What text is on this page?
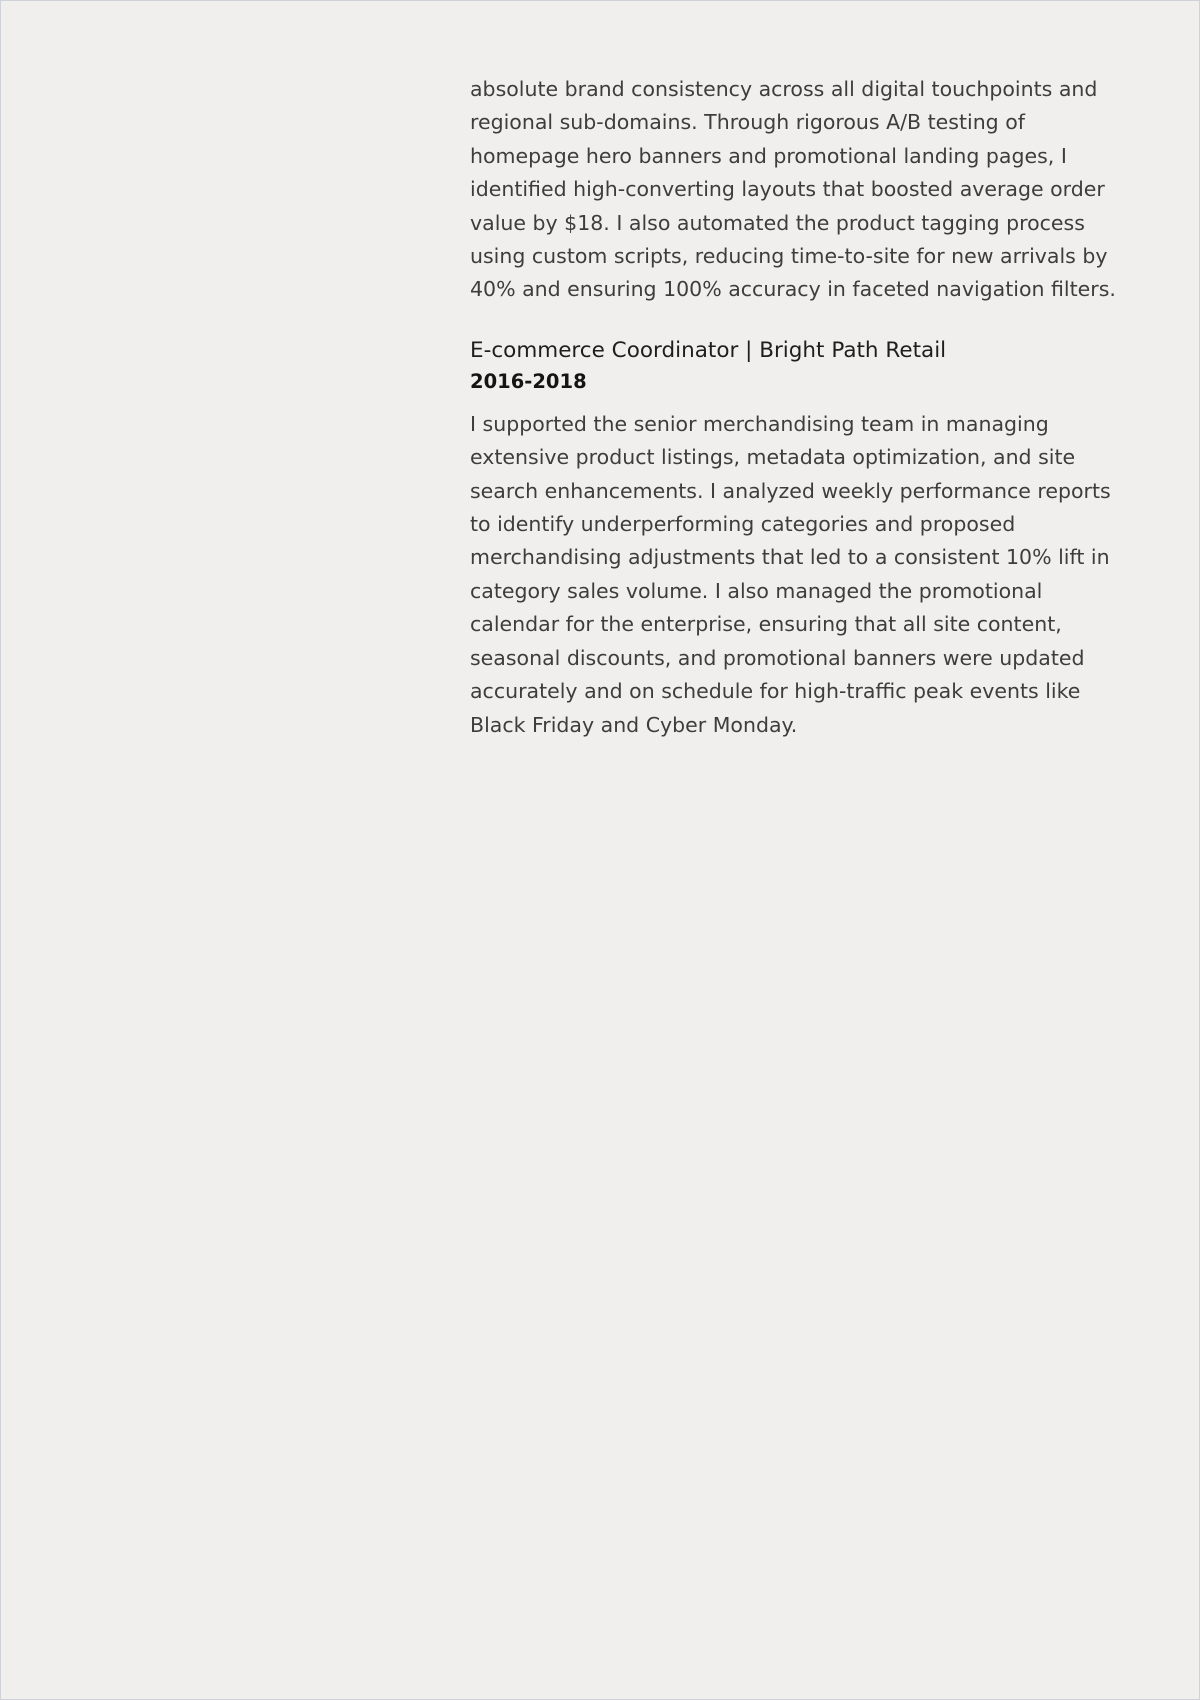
absolute brand consistency across all digital touchpoints and regional sub-domains. Through rigorous A/B testing of homepage hero banners and promotional landing pages, I identified high-converting layouts that boosted average order value by $18. I also automated the product tagging process using custom scripts, reducing time-to-site for new arrivals by 40% and ensuring 100% accuracy in faceted navigation filters.

E-commerce Coordinator | Bright Path Retail

2016-2018

I supported the senior merchandising team in managing extensive product listings, metadata optimization, and site search enhancements. I analyzed weekly performance reports to identify underperforming categories and proposed merchandising adjustments that led to a consistent 10% lift in category sales volume. I also managed the promotional calendar for the enterprise, ensuring that all site content, seasonal discounts, and promotional banners were updated accurately and on schedule for high-traffic peak events like Black Friday and Cyber Monday.
